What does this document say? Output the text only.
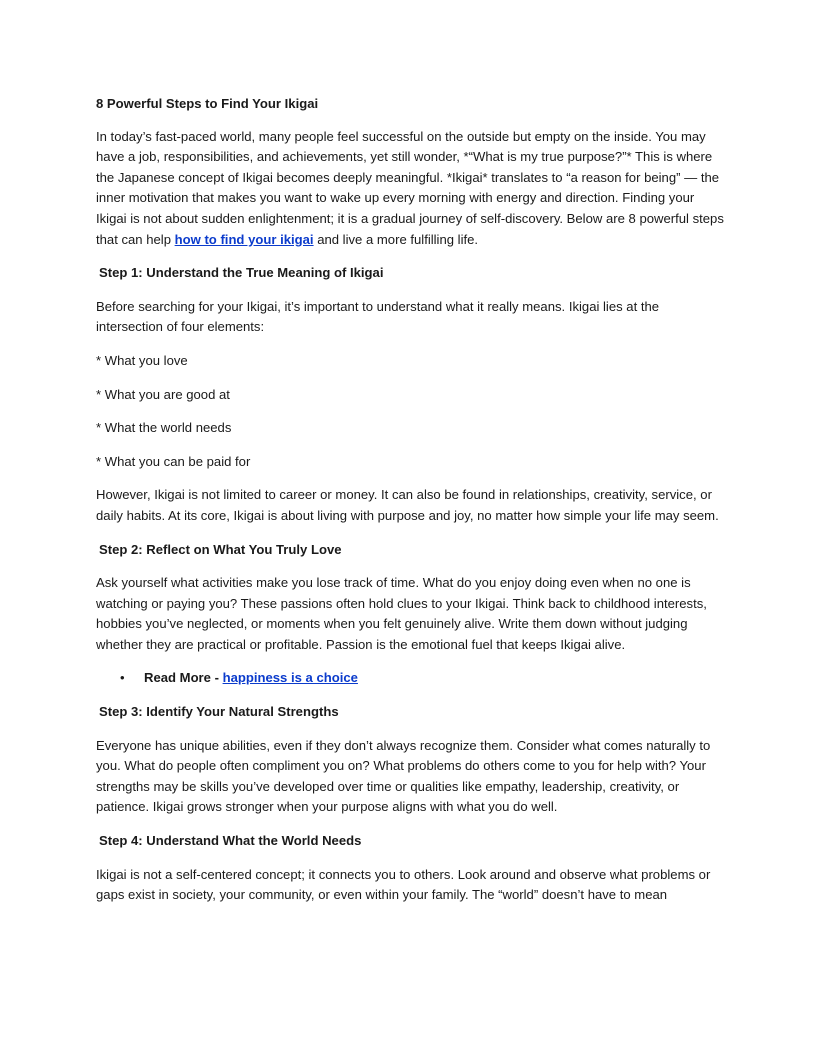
8 Powerful Steps to Find Your Ikigai

In today’s fast-paced world, many people feel successful on the outside but empty on the inside. You may have a job, responsibilities, and achievements, yet still wonder, *“What is my true purpose?”* This is where the Japanese concept of Ikigai becomes deeply meaningful. *Ikigai* translates to “a reason for being” — the inner motivation that makes you want to wake up every morning with energy and direction. Finding your Ikigai is not about sudden enlightenment; it is a gradual journey of self-discovery. Below are 8 powerful steps that can help how to find your ikigai and live a more fulfilling life.

Step 1: Understand the True Meaning of Ikigai

Before searching for your Ikigai, it’s important to understand what it really means. Ikigai lies at the intersection of four elements:

* What you love
* What you are good at
* What the world needs
* What you can be paid for

However, Ikigai is not limited to career or money. It can also be found in relationships, creativity, service, or daily habits. At its core, Ikigai is about living with purpose and joy, no matter how simple your life may seem.

Step 2: Reflect on What You Truly Love

Ask yourself what activities make you lose track of time. What do you enjoy doing even when no one is watching or paying you? These passions often hold clues to your Ikigai. Think back to childhood interests, hobbies you’ve neglected, or moments when you felt genuinely alive. Write them down without judging whether they are practical or profitable. Passion is the emotional fuel that keeps Ikigai alive.

• Read More - happiness is a choice
Step 3: Identify Your Natural Strengths

Everyone has unique abilities, even if they don’t always recognize them. Consider what comes naturally to you. What do people often compliment you on? What problems do others come to you for help with? Your strengths may be skills you’ve developed over time or qualities like empathy, leadership, creativity, or patience. Ikigai grows stronger when your purpose aligns with what you do well.

Step 4: Understand What the World Needs

Ikigai is not a self-centered concept; it connects you to others. Look around and observe what problems or gaps exist in society, your community, or even within your family. The “world” doesn’t have to mean
